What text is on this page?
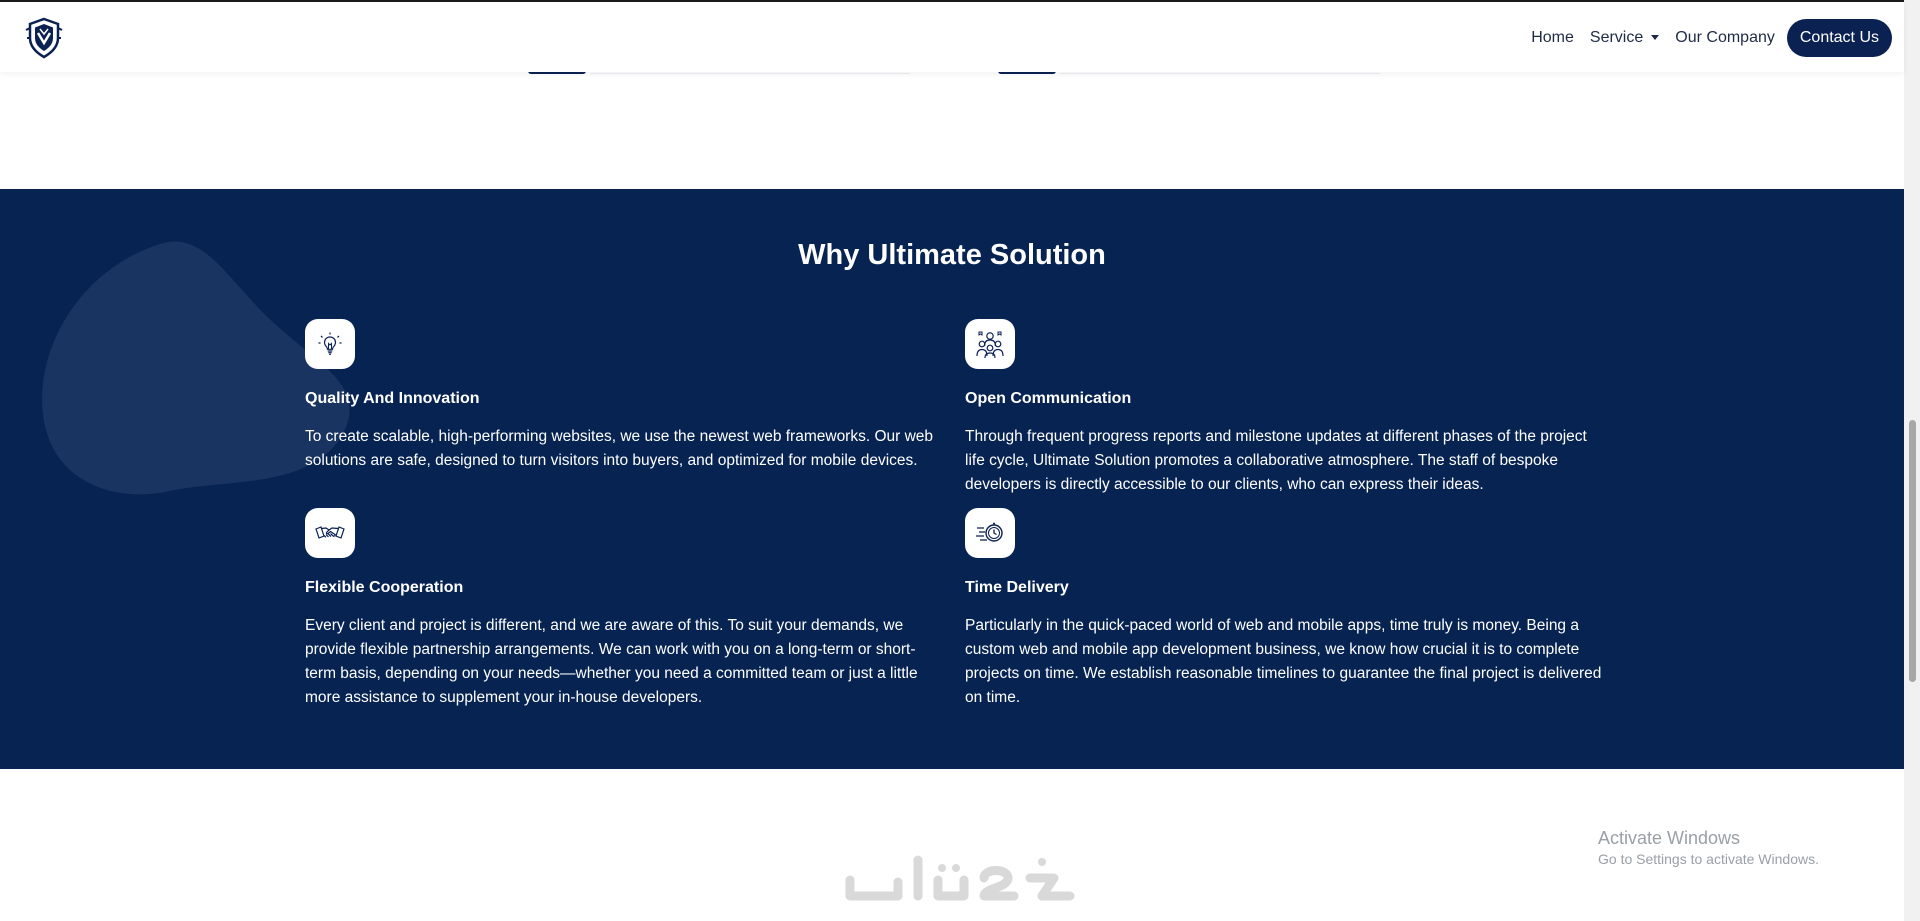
Home	Service	Our Company	Contact Us
Why Ultimate Solution
Quality And Innovation
To create scalable, high-performing websites, we use the newest web frameworks. Our web solutions are safe, designed to turn visitors into buyers, and optimized for mobile devices.
Open Communication
Through frequent progress reports and milestone updates at different phases of the project life cycle, Ultimate Solution promotes a collaborative atmosphere. The staff of bespoke developers is directly accessible to our clients, who can express their ideas.
Flexible Cooperation
Every client and project is different, and we are aware of this. To suit your demands, we provide flexible partnership arrangements. We can work with you on a long-term or short-term basis, depending on your needs—whether you need a committed team or just a little more assistance to supplement your in-house developers.
Time Delivery
Particularly in the quick-paced world of web and mobile apps, time truly is money. Being a custom web and mobile app development business, we know how crucial it is to complete projects on time. We establish reasonable timelines to guarantee the final project is delivered on time.
Activate Windows
Go to Settings to activate Windows.
